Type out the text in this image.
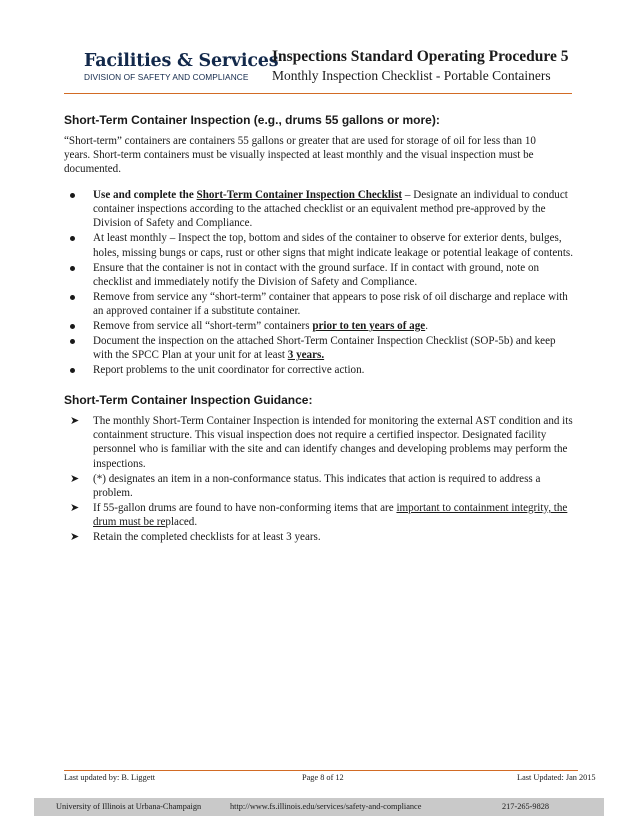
Facilities & Services
DIVISION OF SAFETY AND COMPLIANCE
Inspections Standard Operating Procedure 5
Monthly Inspection Checklist - Portable Containers
Short-Term Container Inspection (e.g., drums 55 gallons or more):
“Short-term” containers are containers 55 gallons or greater that are used for storage of oil for less than 10
years. Short-term containers must be visually inspected at least monthly and the visual inspection must be
documented.
Use and complete the Short-Term Container Inspection Checklist – Designate an individual to conduct container inspections according to the attached checklist or an equivalent method pre-approved by the Division of Safety and Compliance.
At least monthly – Inspect the top, bottom and sides of the container to observe for exterior dents, bulges, holes, missing bungs or caps, rust or other signs that might indicate leakage or potential leakage of contents.
Ensure that the container is not in contact with the ground surface. If in contact with ground, note on checklist and immediately notify the Division of Safety and Compliance.
Remove from service any “short-term” container that appears to pose risk of oil discharge and replace with an approved container if a substitute container.
Remove from service all “short-term” containers prior to ten years of age.
Document the inspection on the attached Short-Term Container Inspection Checklist (SOP-5b) and keep with the SPCC Plan at your unit for at least 3 years.
Report problems to the unit coordinator for corrective action.
Short-Term Container Inspection Guidance:
➤ The monthly Short-Term Container Inspection is intended for monitoring the external AST condition and its containment structure. This visual inspection does not require a certified inspector. Designated facility personnel who is familiar with the site and can identify changes and developing problems may perform the inspections.
➤ (*) designates an item in a non-conformance status. This indicates that action is required to address a problem.
➤ If 55-gallon drums are found to have non-conforming items that are important to containment integrity, the drum must be replaced.
➤ Retain the completed checklists for at least 3 years.
Last updated by: B. Liggett	Page 8 of 12	Last Updated: Jan 2015
University of Illinois at Urbana-Champaign	http://www.fs.illinois.edu/services/safety-and-compliance	217-265-9828
